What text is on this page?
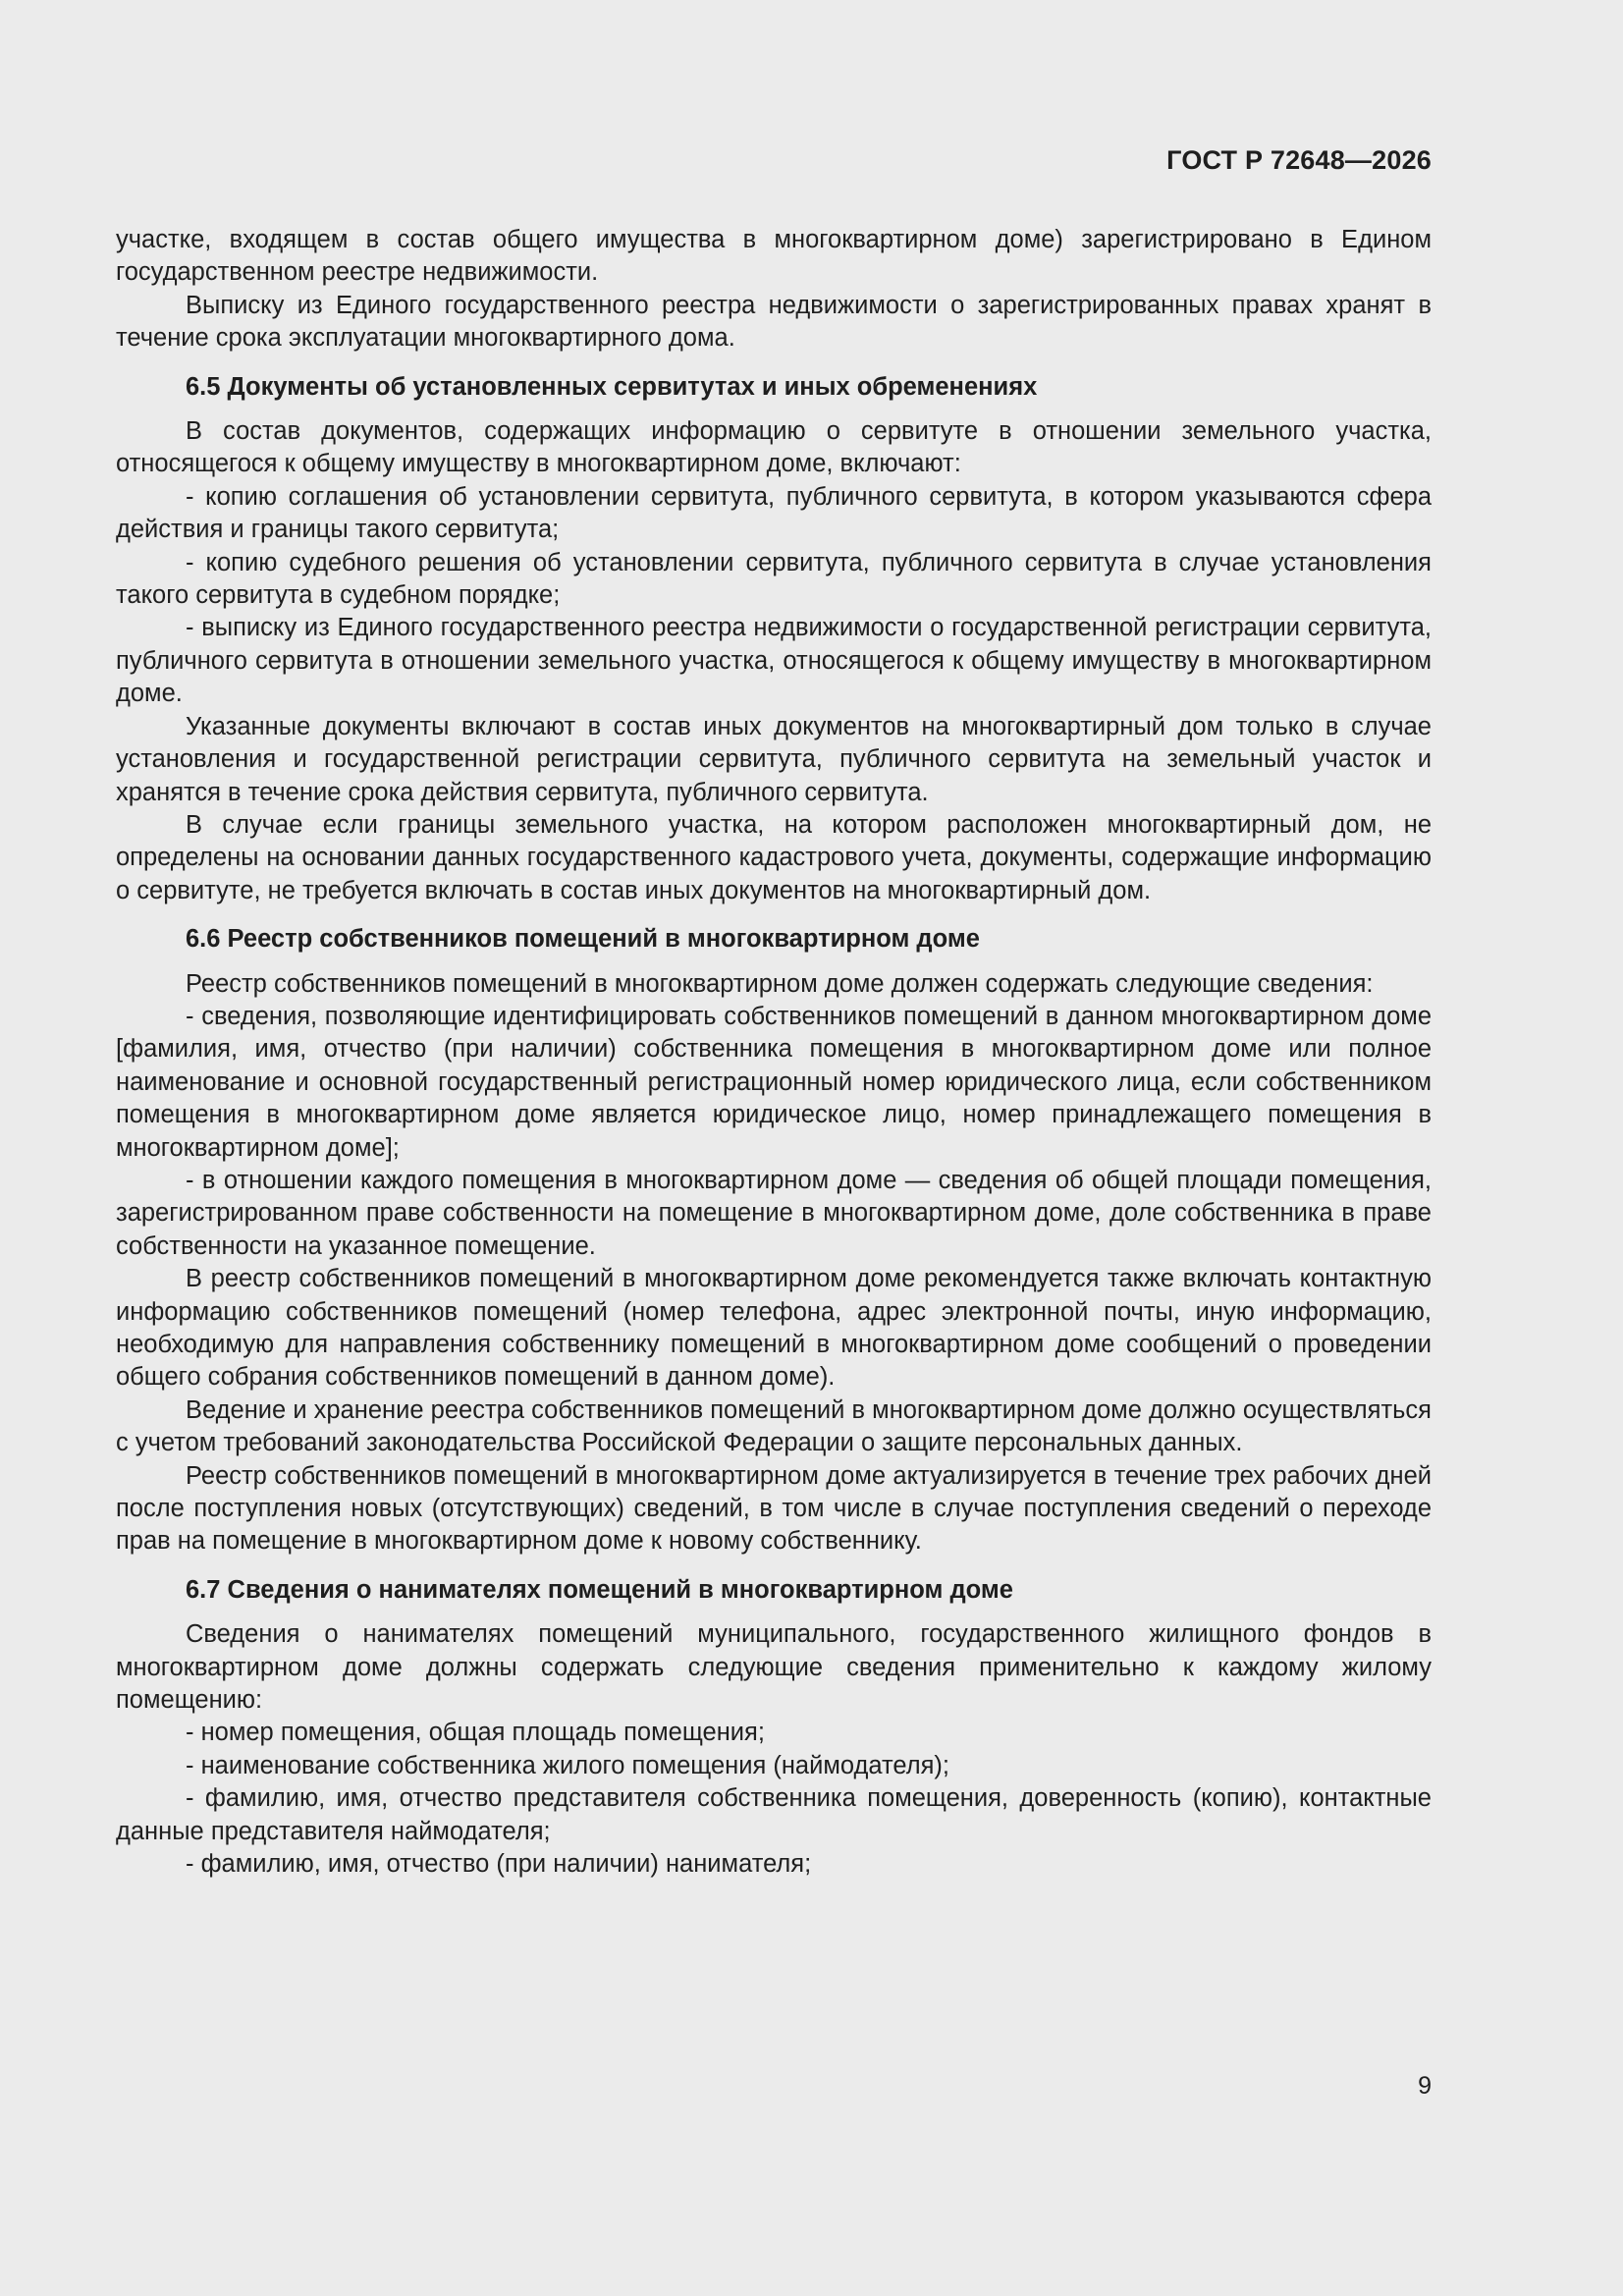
ГОСТ Р 72648—2026

участке, входящем в состав общего имущества в многоквартирном доме) зарегистрировано в Едином государственном реестре недвижимости.

Выписку из Единого государственного реестра недвижимости о зарегистрированных правах хранят в течение срока эксплуатации многоквартирного дома.

6.5 Документы об установленных сервитутах и иных обременениях

В состав документов, содержащих информацию о сервитуте в отношении земельного участка, относящегося к общему имуществу в многоквартирном доме, включают:

- копию соглашения об установлении сервитута, публичного сервитута, в котором указываются сфера действия и границы такого сервитута;

- копию судебного решения об установлении сервитута, публичного сервитута в случае установления такого сервитута в судебном порядке;

- выписку из Единого государственного реестра недвижимости о государственной регистрации сервитута, публичного сервитута в отношении земельного участка, относящегося к общему имуществу в многоквартирном доме.

Указанные документы включают в состав иных документов на многоквартирный дом только в случае установления и государственной регистрации сервитута, публичного сервитута на земельный участок и хранятся в течение срока действия сервитута, публичного сервитута.

В случае если границы земельного участка, на котором расположен многоквартирный дом, не определены на основании данных государственного кадастрового учета, документы, содержащие информацию о сервитуте, не требуется включать в состав иных документов на многоквартирный дом.

6.6 Реестр собственников помещений в многоквартирном доме

Реестр собственников помещений в многоквартирном доме должен содержать следующие сведения:

- сведения, позволяющие идентифицировать собственников помещений в данном многоквартирном доме [фамилия, имя, отчество (при наличии) собственника помещения в многоквартирном доме или полное наименование и основной государственный регистрационный номер юридического лица, если собственником помещения в многоквартирном доме является юридическое лицо, номер принадлежащего помещения в многоквартирном доме];

- в отношении каждого помещения в многоквартирном доме — сведения об общей площади помещения, зарегистрированном праве собственности на помещение в многоквартирном доме, доле собственника в праве собственности на указанное помещение.

В реестр собственников помещений в многоквартирном доме рекомендуется также включать контактную информацию собственников помещений (номер телефона, адрес электронной почты, иную информацию, необходимую для направления собственнику помещений в многоквартирном доме сообщений о проведении общего собрания собственников помещений в данном доме).

Ведение и хранение реестра собственников помещений в многоквартирном доме должно осуществляться с учетом требований законодательства Российской Федерации о защите персональных данных.

Реестр собственников помещений в многоквартирном доме актуализируется в течение трех рабочих дней после поступления новых (отсутствующих) сведений, в том числе в случае поступления сведений о переходе прав на помещение в многоквартирном доме к новому собственнику.

6.7 Сведения о нанимателях помещений в многоквартирном доме

Сведения о нанимателях помещений муниципального, государственного жилищного фондов в многоквартирном доме должны содержать следующие сведения применительно к каждому жилому помещению:

- номер помещения, общая площадь помещения;

- наименование собственника жилого помещения (наймодателя);

- фамилию, имя, отчество представителя собственника помещения, доверенность (копию), контактные данные представителя наймодателя;

- фамилию, имя, отчество (при наличии) нанимателя;

9
